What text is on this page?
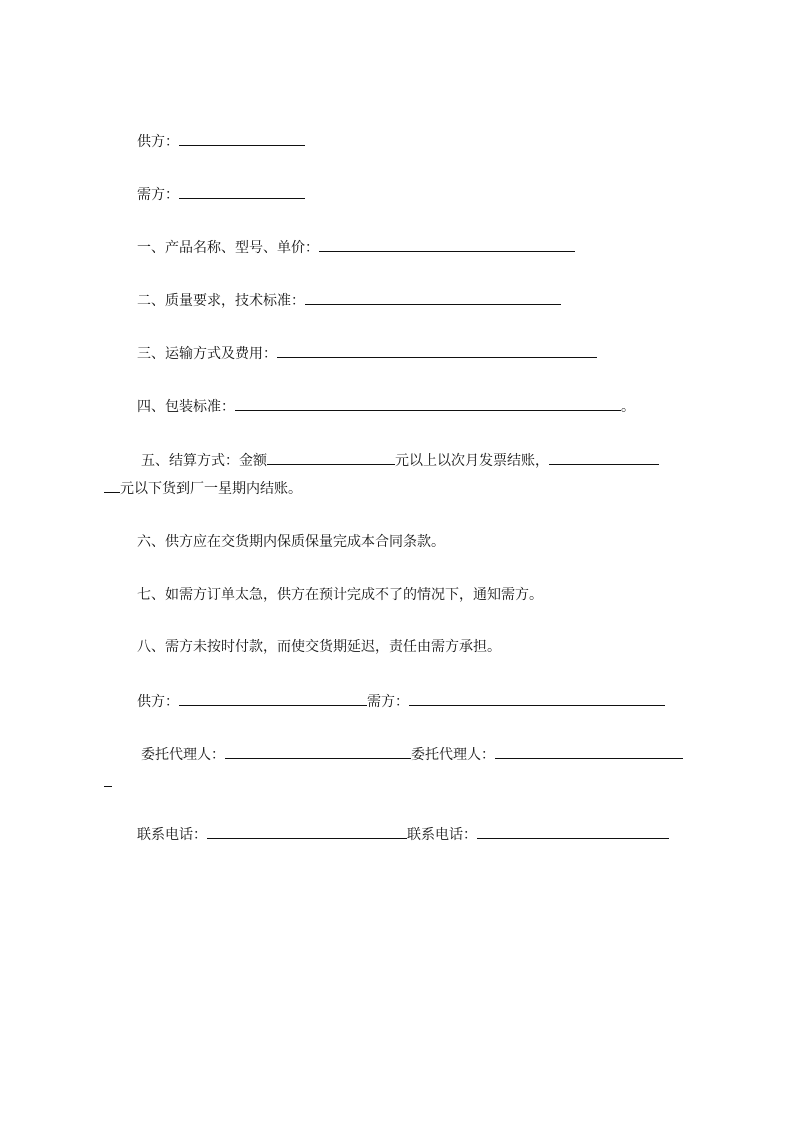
供方：
需方：
一、产品名称、型号、单价：
二、质量要求，技术标准：
三、运输方式及费用：
四、包装标准：	。
五、结算方式：金额	元以上以次月发票结账，
元以下货到厂一星期内结账。
六、供方应在交货期内保质保量完成本合同条款。
七、如需方订单太急，供方在预计完成不了的情况下，通知需方。
八、需方未按时付款，而使交货期延迟，责任由需方承担。
供方：	需方：
委托代理人：	委托代理人：
联系电话：	联系电话：
